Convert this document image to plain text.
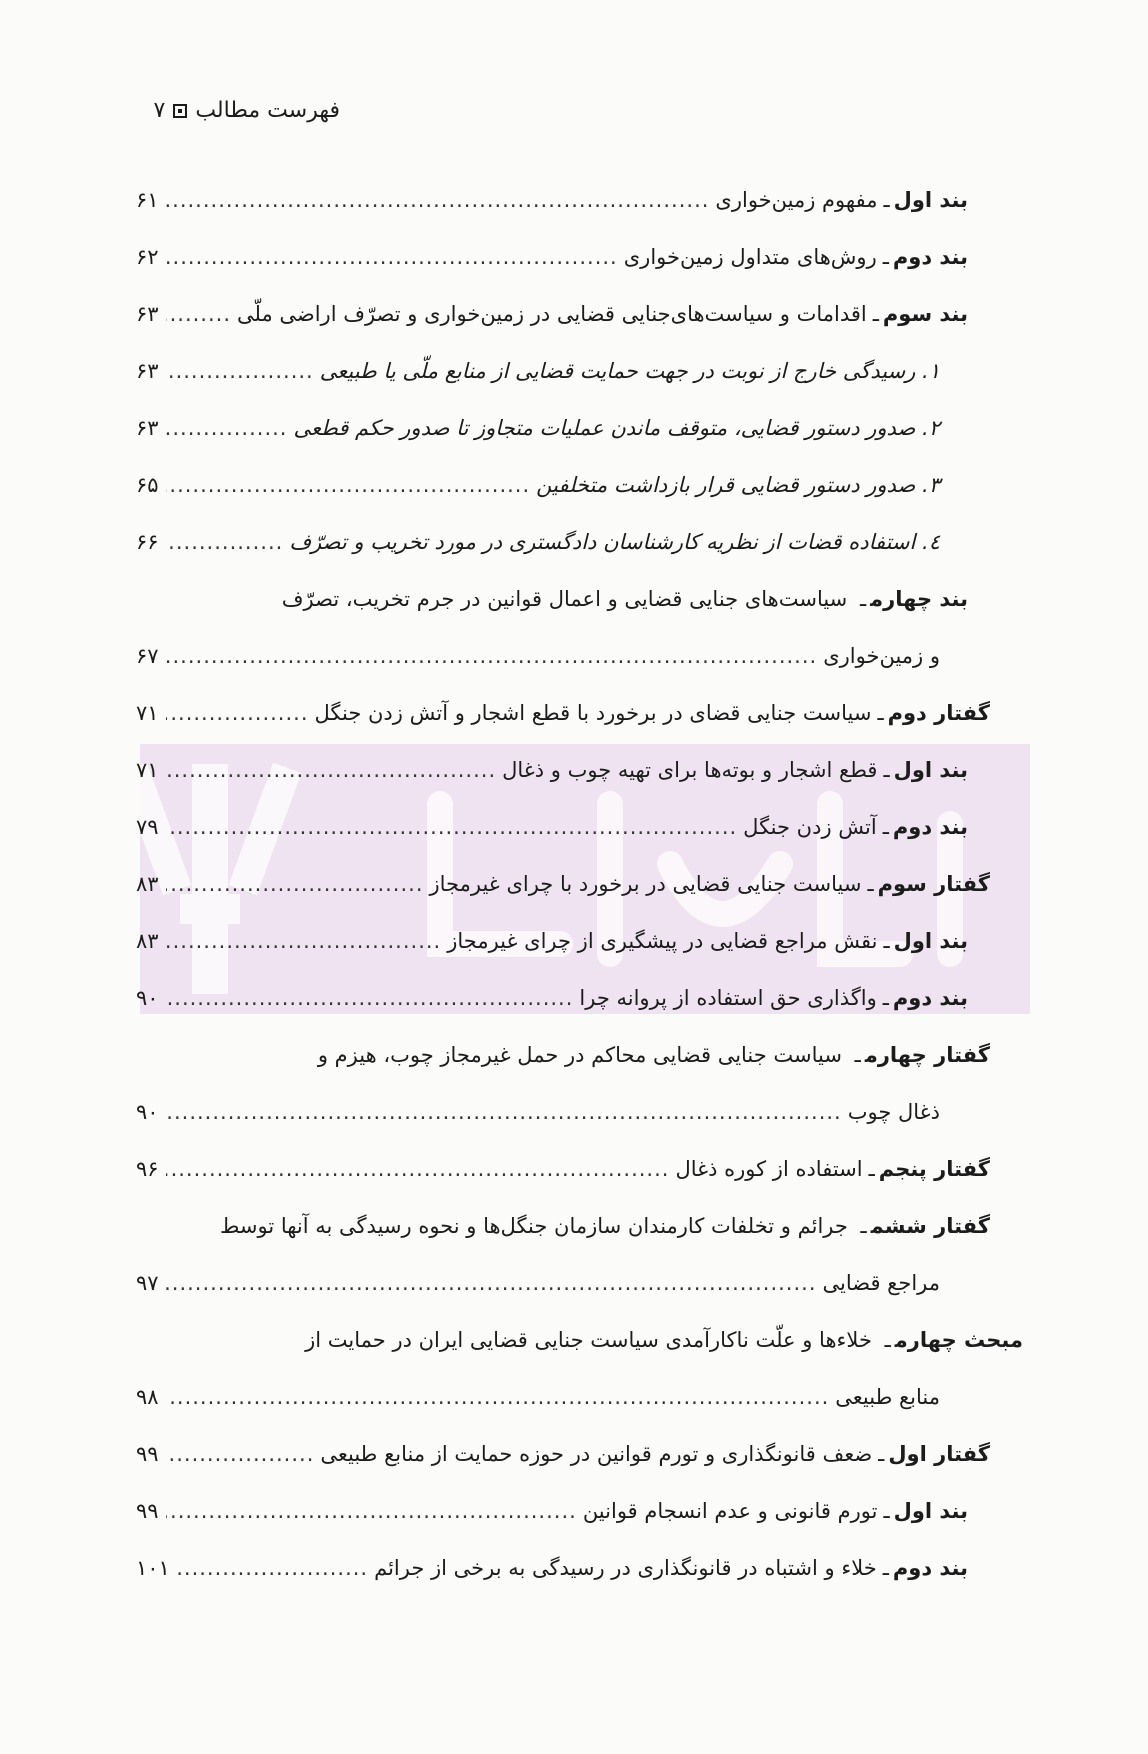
فهرست مطالب
۷
بند اول
ـ
مفهوم زمین‌خواری
.....
۶۱
بند دوم
ـ
روش‌های متداول زمین‌خواری
.....
۶۲
بند سوم
ـ
اقدامات و سیاست‌های‌جنایی قضایی در زمین‌خواری و تصرّف اراضی ملّی
.....
۶۳
۱. رسیدگی خارج از نوبت در جهت حمایت قضایی از منابع ملّی یا طبیعی
.....
۶۳
۲. صدور دستور قضایی، متوقف ماندن عملیات متجاوز تا صدور حکم قطعی
.....
۶۳
۳. صدور دستور قضایی قرار بازداشت متخلفین
.....
۶۵
٤. استفاده قضات از نظریه کارشناسان دادگستری در مورد تخریب و تصرّف
.....
۶۶
بند چهارمـ سیاست‌های جنایی قضایی و اعمال قوانین در جرم تخریب، تصرّف
و زمین‌خواری
.....
۶۷
گفتار دوم
ـ
سیاست جنایی قضای در برخورد با قطع اشجار و آتش زدن جنگل
.....
۷۱
بند اول
ـ
قطع اشجار و بوته‌ها برای تهیه چوب و ذغال
.....
۷۱
بند دوم
ـ
آتش زدن جنگل
.....
۷۹
گفتار سوم
ـ
سیاست جنایی قضایی در برخورد با چرای غیرمجاز
.....
۸۳
بند اول
ـ
نقش مراجع قضایی در پیشگیری از چرای غیرمجاز
.....
۸۳
بند دوم
ـ
واگذاری حق استفاده از پروانه چرا
.....
۹۰
گفتار چهارمـ سیاست جنایی قضایی محاکم در حمل غیرمجاز چوب، هیزم و
ذغال چوب
.....
۹۰
گفتار پنجم
ـ
استفاده از کوره ذغال
.....
۹۶
گفتار ششمـ جرائم و تخلفات کارمندان سازمان جنگل‌ها و نحوه رسیدگی به آنها توسط
مراجع قضایی
.....
۹۷
مبحث چهارمـ خلاءها و علّت ناکارآمدی سیاست جنایی قضایی ایران در حمایت از
منابع طبیعی
.....
۹۸
گفتار اول
ـ
ضعف قانونگذاری و تورم قوانین در حوزه حمایت از منابع طبیعی
.....
۹۹
بند اول
ـ
تورم قانونی و عدم انسجام قوانین
.....
۹۹
بند دوم
ـ
خلاء و اشتباه در قانونگذاری در رسیدگی به برخی از جرائم
.....
۱۰۱
